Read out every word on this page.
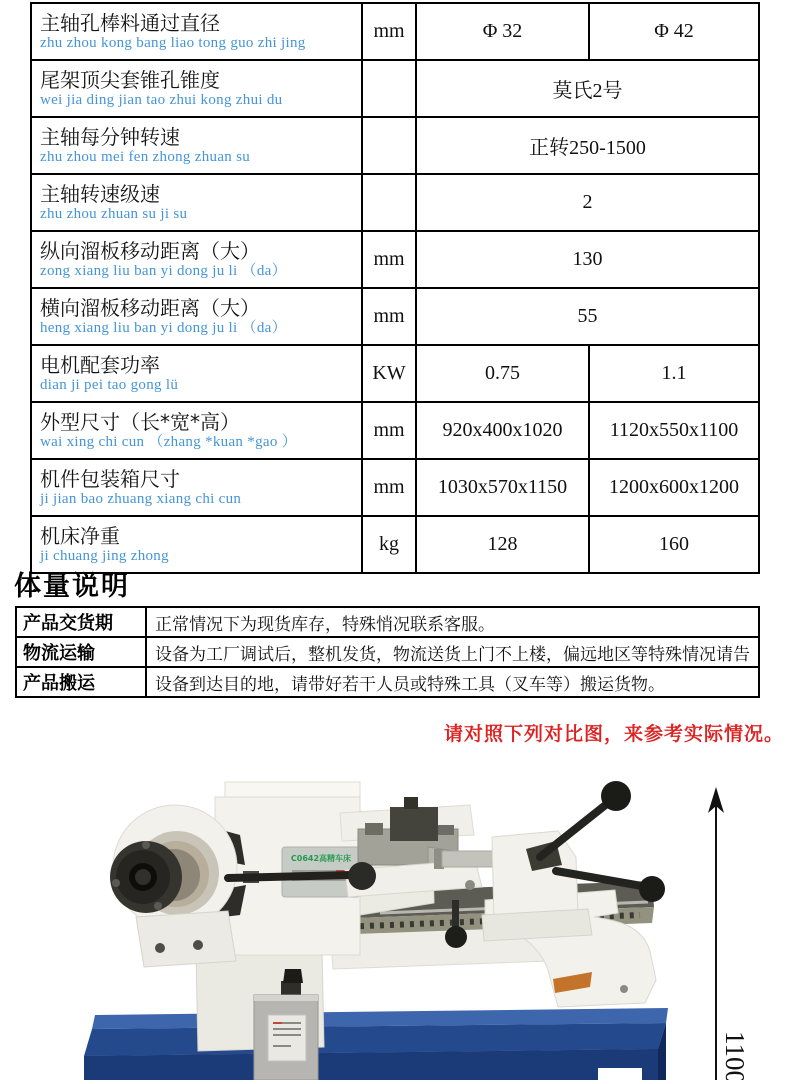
主轴孔棒料通过直径
zhu zhou kong bang liao tong guo zhi jing	mm	Φ 32	Φ 42

尾架顶尖套锥孔锥度
wei jia ding jian tao zhui kong zhui du		莫氏2号	

主轴每分钟转速
zhu zhou mei fen zhong zhuan su		正转250-1500	

主轴转速级速
zhu zhou zhuan su ji su		2	

纵向溜板移动距离（大）
zong xiang liu ban yi dong ju li （da）	mm	130	

横向溜板移动距离（大）
heng xiang liu ban yi dong ju li （da）	mm	55	

电机配套功率
dian ji pei tao gong lü	KW	0.75	1.1

外型尺寸（长*宽*高）
wai xing chi cun （zhang *kuan *gao ）	mm	920x400x1020	1120x550x1100

机件包装箱尺寸
ji jian bao zhuang xiang chi cun	mm	1030x570x1150	1200x600x1200

机床净重
ji chuang jing zhong	kg	128	160
体量说明
产品交货期	正常情况下为现货库存，特殊悄况联系客服。
物流运输	设备为工厂调试后，整机发货，物流送货上门不上楼，偏远地区等特殊情况请告
产品搬运	设备到达目的地，请带好若干人员或特殊工具（叉车等）搬运货物。
请对照下列对比图，来参考实际情况。
C0642高精车床
1100
